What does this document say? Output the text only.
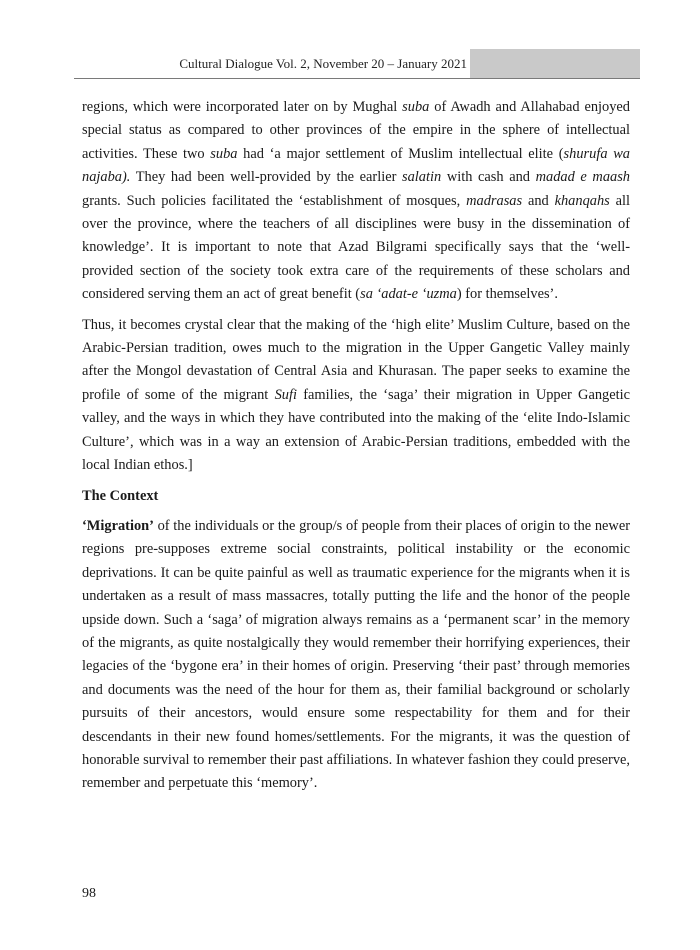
Cultural Dialogue Vol. 2, November 20 – January 2021

regions, which were incorporated later on by Mughal suba of Awadh and Allahabad enjoyed special status as compared to other provinces of the empire in the sphere of intellectual activities. These two suba had ‘a major settlement of Muslim intellectual elite (shurufa wa najaba). They had been well-provided by the earlier salatin with cash and madad e maash grants. Such policies facilitated the ‘establishment of mosques, madrasas and khanqahs all over the province, where the teachers of all disciplines were busy in the dissemination of knowledge’. It is important to note that Azad Bilgrami specifically says that the ‘well- provided section of the society took extra care of the requirements of these scholars and considered serving them an act of great benefit (sa ‘adat-e ‘uzma) for themselves’.

Thus, it becomes crystal clear that the making of the ‘high elite’ Muslim Culture, based on the Arabic-Persian tradition, owes much to the migration in the Upper Gangetic Valley mainly after the Mongol devastation of Central Asia and Khurasan. The paper seeks to examine the profile of some of the migrant Sufi families, the ‘saga’ their migration in Upper Gangetic valley, and the ways in which they have contributed into the making of the ‘elite Indo-Islamic Culture’, which was in a way an extension of Arabic-Persian traditions, embedded with the local Indian ethos.]

The Context

‘Migration’ of the individuals or the group/s of people from their places of origin to the newer regions pre-supposes extreme social constraints, political instability or the economic deprivations. It can be quite painful as well as traumatic experience for the migrants when it is undertaken as a result of mass massacres, totally putting the life and the honor of the people upside down. Such a ‘saga’ of migration always remains as a ‘permanent scar’ in the memory of the migrants, as quite nostalgically they would remember their horrifying experiences, their legacies of the ‘bygone era’ in their homes of origin. Preserving ‘their past’ through memories and documents was the need of the hour for them as, their familial background or scholarly pursuits of their ancestors, would ensure some respectability for them and for their descendants in their new found homes/settlements. For the migrants, it was the question of honorable survival to remember their past affiliations. In whatever fashion they could preserve, remember and perpetuate this ‘memory’.

98
